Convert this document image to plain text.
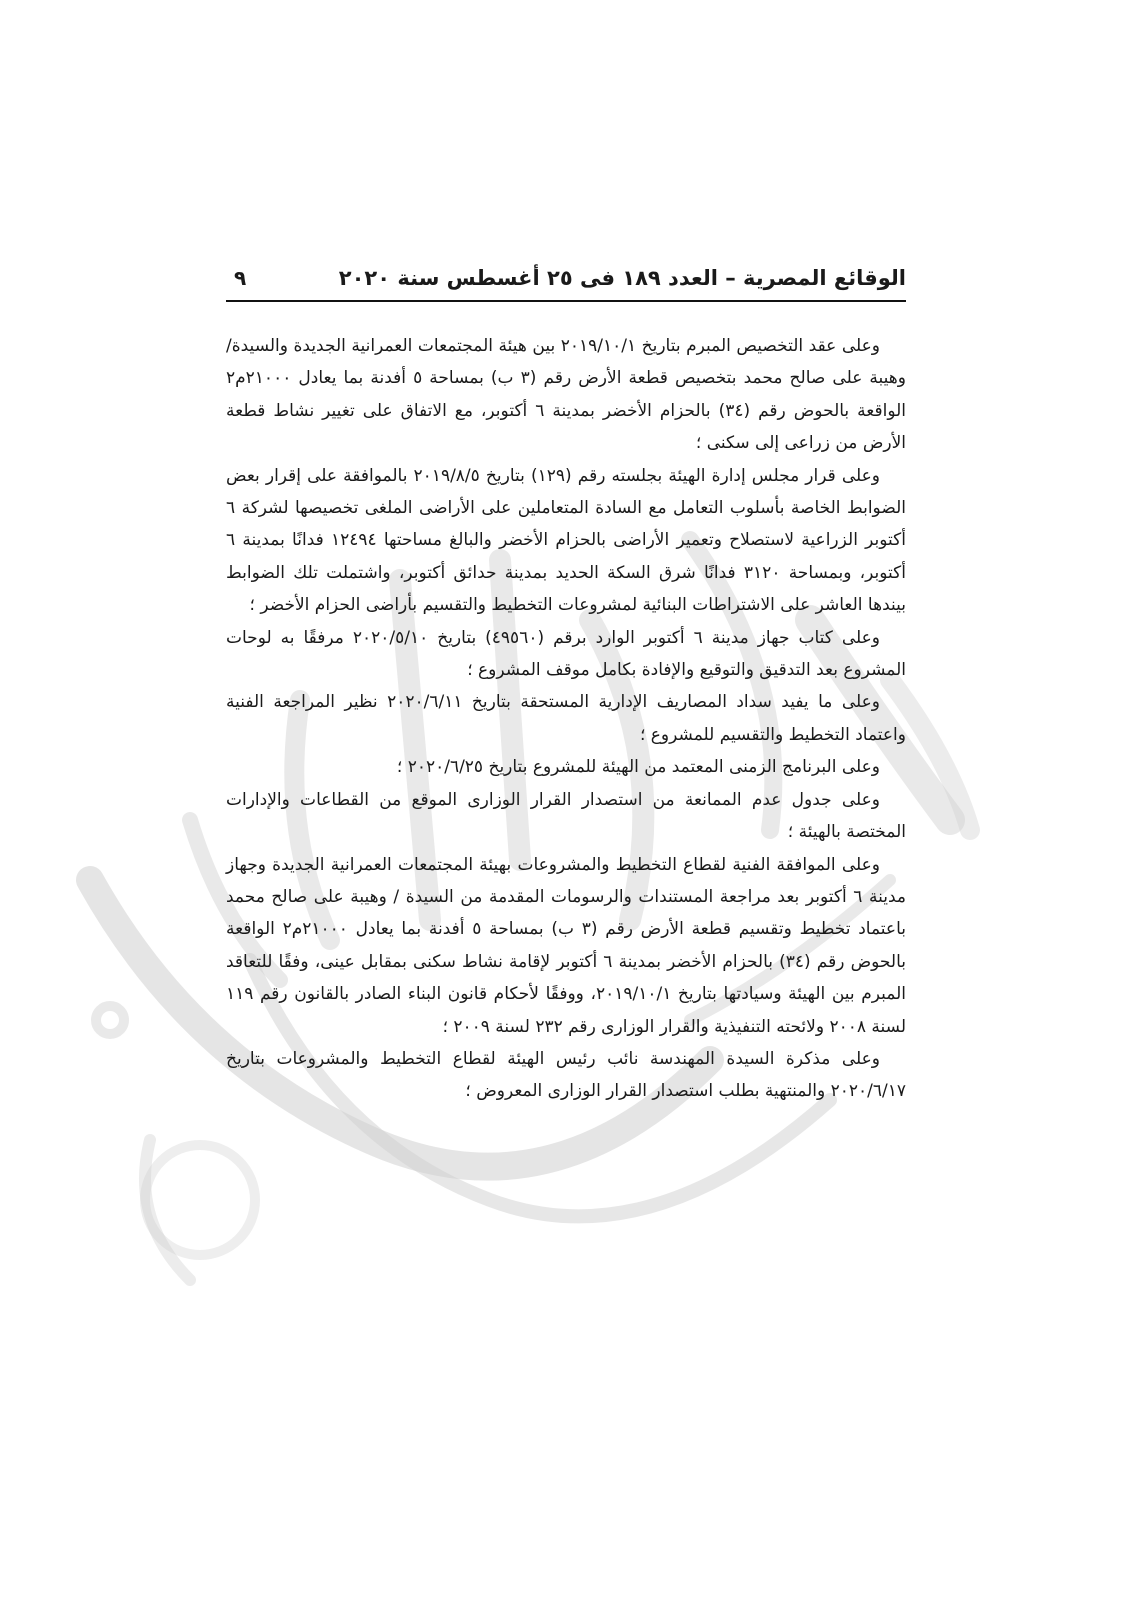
الوقائع المصرية – العدد ١٨٩ فى ٢٥ أغسطس سنة ٢٠٢٠
٩

وعلى عقد التخصيص المبرم بتاريخ ٢٠١٩/١٠/١ بين هيئة المجتمعات العمرانية الجديدة والسيدة/ وهيبة على صالح محمد بتخصيص قطعة الأرض رقم (٣ ب) بمساحة ٥ أفدنة بما يعادل ٢١٠٠٠م٢ الواقعة بالحوض رقم (٣٤) بالحزام الأخضر بمدينة ٦ أكتوبر، مع الاتفاق على تغيير نشاط قطعة الأرض من زراعى إلى سكنى ؛

وعلى قرار مجلس إدارة الهيئة بجلسته رقم (١٢٩) بتاريخ ٢٠١٩/٨/٥ بالموافقة على إقرار بعض الضوابط الخاصة بأسلوب التعامل مع السادة المتعاملين على الأراضى الملغى تخصيصها لشركة ٦ أكتوبر الزراعية لاستصلاح وتعمير الأراضى بالحزام الأخضر والبالغ مساحتها ١٢٤٩٤ فدانًا بمدينة ٦ أكتوبر، وبمساحة ٣١٢٠ فدانًا شرق السكة الحديد بمدينة حدائق أكتوبر، واشتملت تلك الضوابط بيندها العاشر على الاشتراطات البنائية لمشروعات التخطيط والتقسيم بأراضى الحزام الأخضر ؛

وعلى كتاب جهاز مدينة ٦ أكتوبر الوارد برقم (٤٩٥٦٠) بتاريخ ٢٠٢٠/٥/١٠ مرفقًا به لوحات المشروع بعد التدقيق والتوقيع والإفادة بكامل موقف المشروع ؛

وعلى ما يفيد سداد المصاريف الإدارية المستحقة بتاريخ ٢٠٢٠/٦/١١ نظير المراجعة الفنية واعتماد التخطيط والتقسيم للمشروع ؛

وعلى البرنامج الزمنى المعتمد من الهيئة للمشروع بتاريخ ٢٠٢٠/٦/٢٥ ؛

وعلى جدول عدم الممانعة من استصدار القرار الوزارى الموقع من القطاعات والإدارات المختصة بالهيئة ؛

وعلى الموافقة الفنية لقطاع التخطيط والمشروعات بهيئة المجتمعات العمرانية الجديدة وجهاز مدينة ٦ أكتوبر بعد مراجعة المستندات والرسومات المقدمة من السيدة / وهيبة على صالح محمد باعتماد تخطيط وتقسيم قطعة الأرض رقم (٣ ب) بمساحة ٥ أفدنة بما يعادل ٢١٠٠٠م٢ الواقعة بالحوض رقم (٣٤) بالحزام الأخضر بمدينة ٦ أكتوبر لإقامة نشاط سكنى بمقابل عينى، وفقًا للتعاقد المبرم بين الهيئة وسيادتها بتاريخ ٢٠١٩/١٠/١، ووفقًا لأحكام قانون البناء الصادر بالقانون رقم ١١٩ لسنة ٢٠٠٨ ولائحته التنفيذية والقرار الوزارى رقم ٢٣٢ لسنة ٢٠٠٩ ؛

وعلى مذكرة السيدة المهندسة نائب رئيس الهيئة لقطاع التخطيط والمشروعات بتاريخ ٢٠٢٠/٦/١٧ والمنتهية بطلب استصدار القرار الوزارى المعروض ؛
